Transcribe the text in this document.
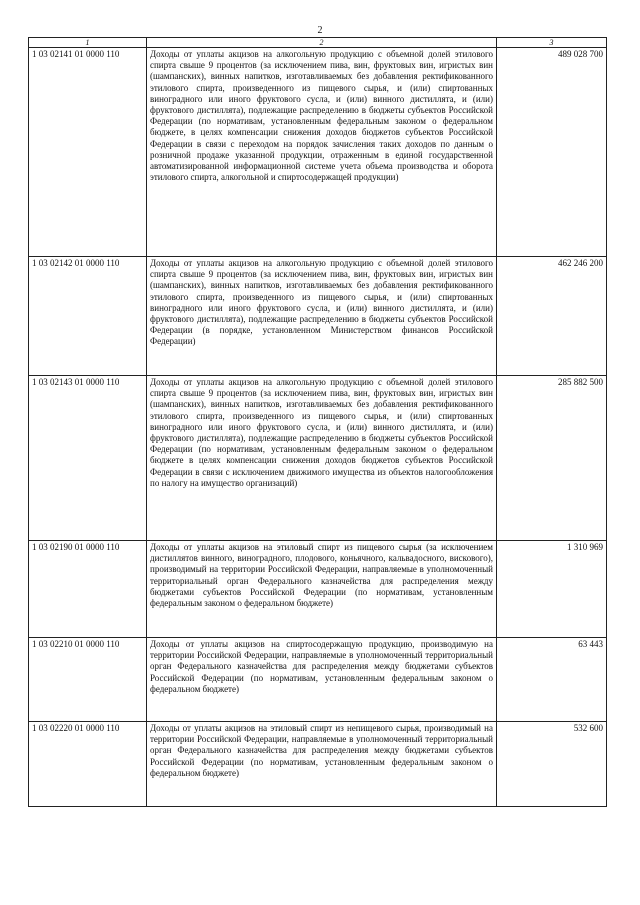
2
1	2	3
1 03 02141 01 0000 110	Доходы от уплаты акцизов на алкогольную продукцию с объемной долей этилового спирта свыше 9 процентов (за исключением пива, вин, фруктовых вин, игристых вин (шампанских), винных напитков, изготавливаемых без добавления ректификованного этилового спирта, произведенного из пищевого сырья, и (или) спиртованных виноградного или иного фруктового сусла, и (или) винного дистиллята, и (или) фруктового дистиллята), подлежащие распределению в бюджеты субъектов Российской Федерации (по нормативам, установленным федеральным законом о федеральном бюджете, в целях компенсации снижения доходов бюджетов субъектов Российской Федерации в связи с переходом на порядок зачисления таких доходов по данным о розничной продаже указанной продукции, отраженным в единой государственной автоматизированной информационной системе учета объема производства и оборота этилового спирта, алкогольной и спиртосодержащей продукции)	489 028 700
1 03 02142 01 0000 110	Доходы от уплаты акцизов на алкогольную продукцию с объемной долей этилового спирта свыше 9 процентов (за исключением пива, вин, фруктовых вин, игристых вин (шампанских), винных напитков, изготавливаемых без добавления ректификованного этилового спирта, произведенного из пищевого сырья, и (или) спиртованных виноградного или иного фруктового сусла, и (или) винного дистиллята, и (или) фруктового дистиллята), подлежащие распределению в бюджеты субъектов Российской Федерации (в порядке, установленном Министерством финансов Российской Федерации)	462 246 200
1 03 02143 01 0000 110	Доходы от уплаты акцизов на алкогольную продукцию с объемной долей этилового спирта свыше 9 процентов (за исключением пива, вин, фруктовых вин, игристых вин (шампанских), винных напитков, изготавливаемых без добавления ректификованного этилового спирта, произведенного из пищевого сырья, и (или) спиртованных виноградного или иного фруктового сусла, и (или) винного дистиллята, и (или) фруктового дистиллята), подлежащие распределению в бюджеты субъектов Российской Федерации (по нормативам, установленным федеральным законом о федеральном бюджете в целях компенсации снижения доходов бюджетов субъектов Российской Федерации в связи с исключением движимого имущества из объектов налогообложения по налогу на имущество организаций)	285 882 500
1 03 02190 01 0000 110	Доходы от уплаты акцизов на этиловый спирт из пищевого сырья (за исключением дистиллятов винного, виноградного, плодового, коньячного, кальвадосного, вискового), производимый на территории Российской Федерации, направляемые в уполномоченный территориальный орган Федерального казначейства для распределения между бюджетами субъектов Российской Федерации (по нормативам, установленным федеральным законом о федеральном бюджете)	1 310 969
1 03 02210 01 0000 110	Доходы от уплаты акцизов на спиртосодержащую продукцию, производимую на территории Российской Федерации, направляемые в уполномоченный территориальный орган Федерального казначейства для распределения между бюджетами субъектов Российской Федерации (по нормативам, установленным федеральным законом о федеральном бюджете)	63 443
1 03 02220 01 0000 110	Доходы от уплаты акцизов на этиловый спирт из непищевого сырья, производимый на территории Российской Федерации, направляемые в уполномоченный территориальный орган Федерального казначейства для распределения между бюджетами субъектов Российской Федерации (по нормативам, установленным федеральным законом о федеральном бюджете)	532 600
